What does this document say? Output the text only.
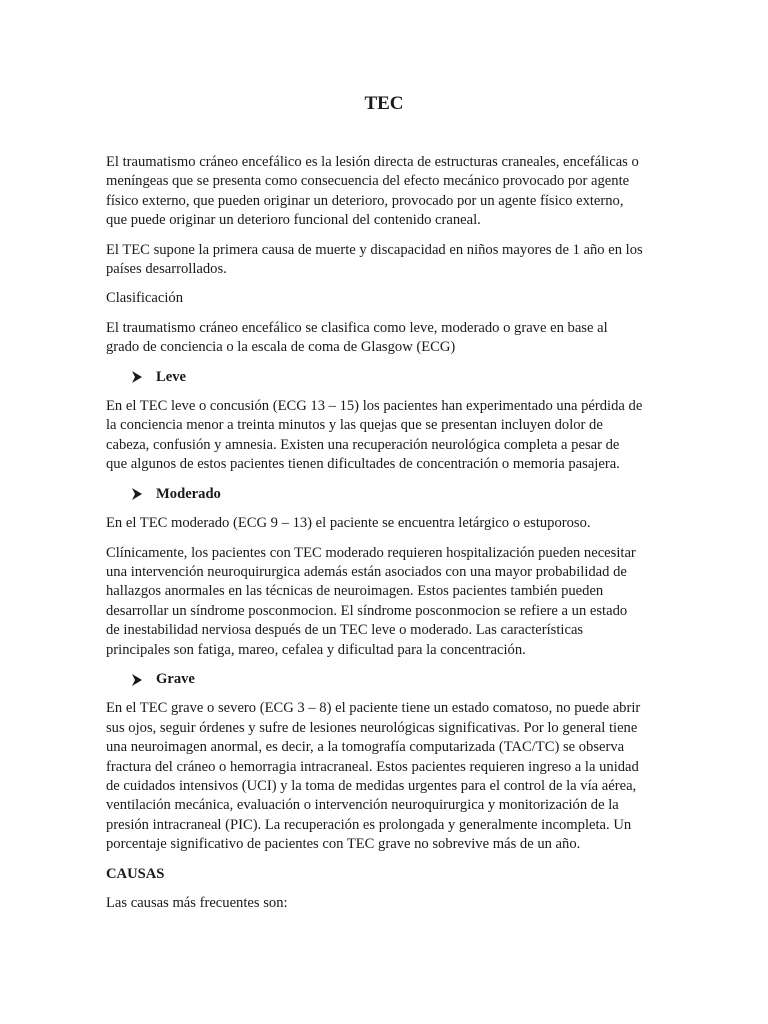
TEC
El traumatismo cráneo encefálico es la lesión directa de estructuras craneales, encefálicas o
meníngeas que se presenta como consecuencia del efecto mecánico provocado por agente
físico externo, que pueden originar un deterioro, provocado por un agente físico externo,
que puede originar un deterioro funcional del contenido craneal.
El TEC supone la primera causa de muerte y discapacidad en niños mayores de 1 año en los
países desarrollados.
Clasificación
El traumatismo cráneo encefálico se clasifica como leve, moderado o grave en base al
grado de conciencia o la escala de coma de Glasgow (ECG)
Leve
En el TEC leve o concusión (ECG 13 – 15) los pacientes han experimentado una pérdida de
la conciencia menor a treinta minutos y las quejas que se presentan incluyen dolor de
cabeza, confusión y amnesia. Existen una recuperación neurológica completa a pesar de
que algunos de estos pacientes tienen dificultades de concentración o memoria pasajera.
Moderado
En el TEC moderado (ECG 9 – 13) el paciente se encuentra letárgico o estuporoso.
Clínicamente, los pacientes con TEC moderado requieren hospitalización pueden necesitar
una intervención neuroquirurgica además están asociados con una mayor probabilidad de
hallazgos anormales en las técnicas de neuroimagen. Estos pacientes también pueden
desarrollar un síndrome posconmocion. El síndrome posconmocion se refiere a un estado
de inestabilidad nerviosa después de un TEC leve o moderado. Las características
principales son fatiga, mareo, cefalea y dificultad para la concentración.
Grave
En el TEC grave o severo (ECG 3 – 8) el paciente tiene un estado comatoso, no puede abrir
sus ojos, seguir órdenes y sufre de lesiones neurológicas significativas. Por lo general tiene
una neuroimagen anormal, es decir, a la tomografía computarizada (TAC/TC) se observa
fractura del cráneo o hemorragia intracraneal. Estos pacientes requieren ingreso a la unidad
de cuidados intensivos (UCI) y la toma de medidas urgentes para el control de la vía aérea,
ventilación mecánica, evaluación o intervención neuroquirurgica y monitorización de la
presión intracraneal (PIC). La recuperación es prolongada y generalmente incompleta. Un
porcentaje significativo de pacientes con TEC grave no sobrevive más de un año.
CAUSAS
Las causas más frecuentes son:
